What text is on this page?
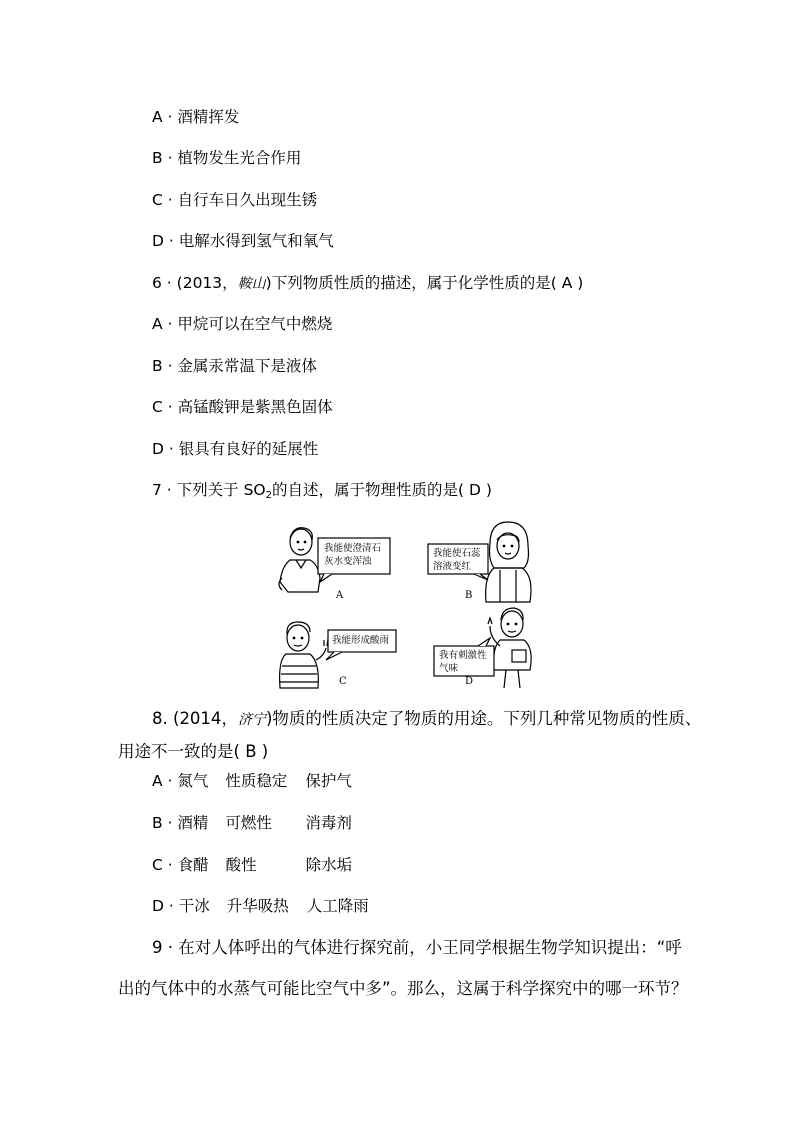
A · 酒精挥发
B · 植物发生光合作用
C · 自行车日久出现生锈
D · 电解水得到氢气和氧气
6 · (2013，鞍山)下列物质性质的描述，属于化学性质的是( A )
A · 甲烷可以在空气中燃烧
B · 金属汞常温下是液体
C · 高锰酸钾是紫黑色固体
D · 银具有良好的延展性
7 · 下列关于 $SO_2$的自述，属于物理性质的是( D )
我能使澄清石
灰水变浑浊
我能使石蕊
溶液变红
我能形成酸雨
我有刺激性
气味
A	B
C	D
8. (2014，济宁)物质的性质决定了物质的用途。下列几种常见物质的性质、
用途不一致的是( B )
A · 氮气 性质稳定 保护气
B · 酒精 可燃性 消毒剂
C · 食醋 酸性	除水垢
D · 干冰 升华吸热 人工降雨
9 · 在对人体呼出的气体进行探究前，小王同学根据生物学知识提出：“呼
出的气体中的水蒸气可能比空气中多”。那么，这属于科学探究中的哪一环节？
